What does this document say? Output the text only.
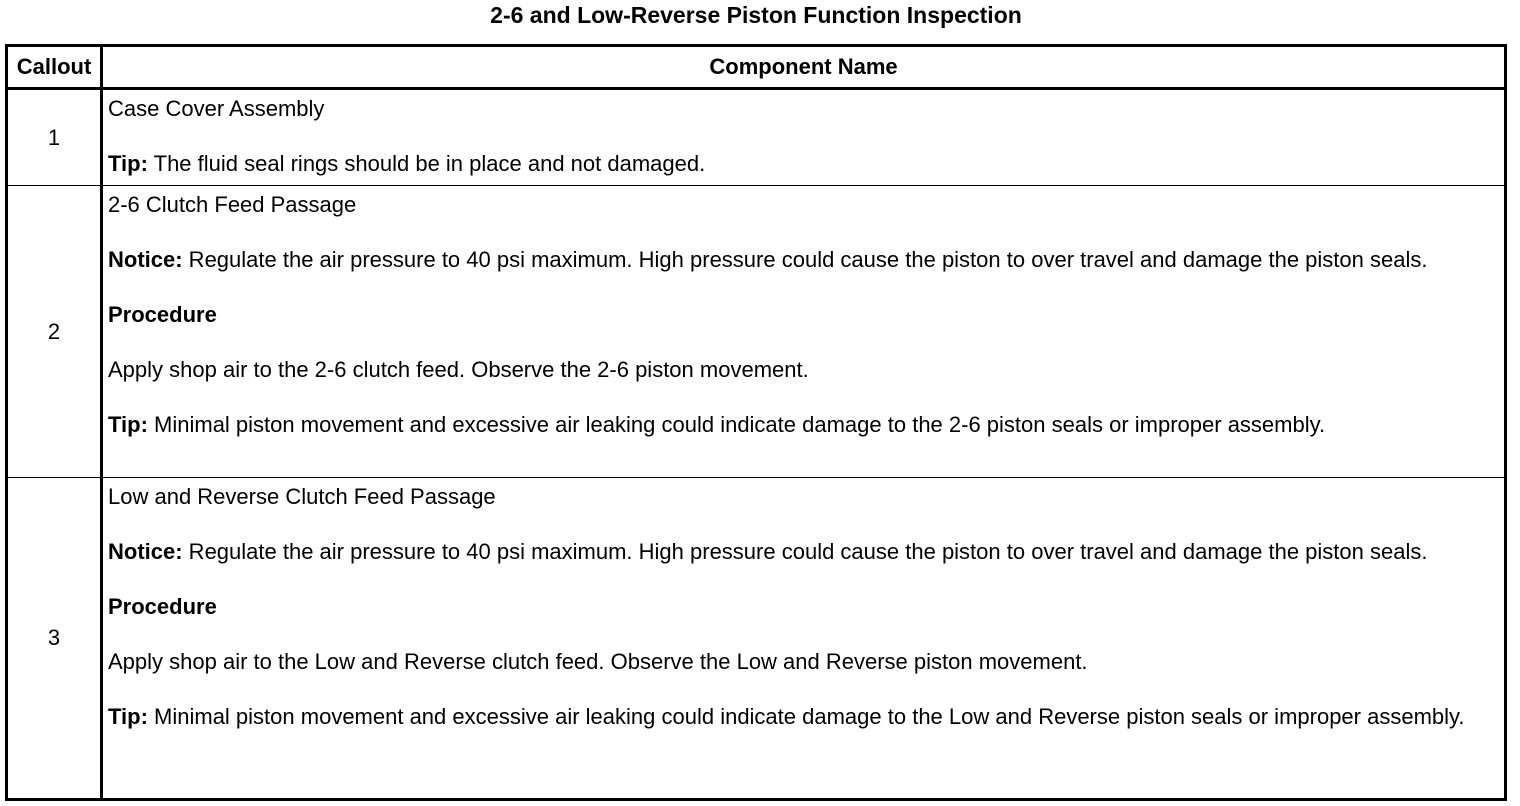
2-6 and Low-Reverse Piston Function Inspection
Callout	Component Name
1	Case Cover Assembly

Tip: The fluid seal rings should be in place and not damaged.

2	2-6 Clutch Feed Passage

Notice: Regulate the air pressure to 40 psi maximum. High pressure could cause the piston to over travel and damage the piston seals.

Procedure

Apply shop air to the 2-6 clutch feed. Observe the 2-6 piston movement.

Tip: Minimal piston movement and excessive air leaking could indicate damage to the 2-6 piston seals or improper assembly.

3	Low and Reverse Clutch Feed Passage

Notice: Regulate the air pressure to 40 psi maximum. High pressure could cause the piston to over travel and damage the piston seals.

Procedure

Apply shop air to the Low and Reverse clutch feed. Observe the Low and Reverse piston movement.

Tip: Minimal piston movement and excessive air leaking could indicate damage to the Low and Reverse piston seals or improper assembly.
